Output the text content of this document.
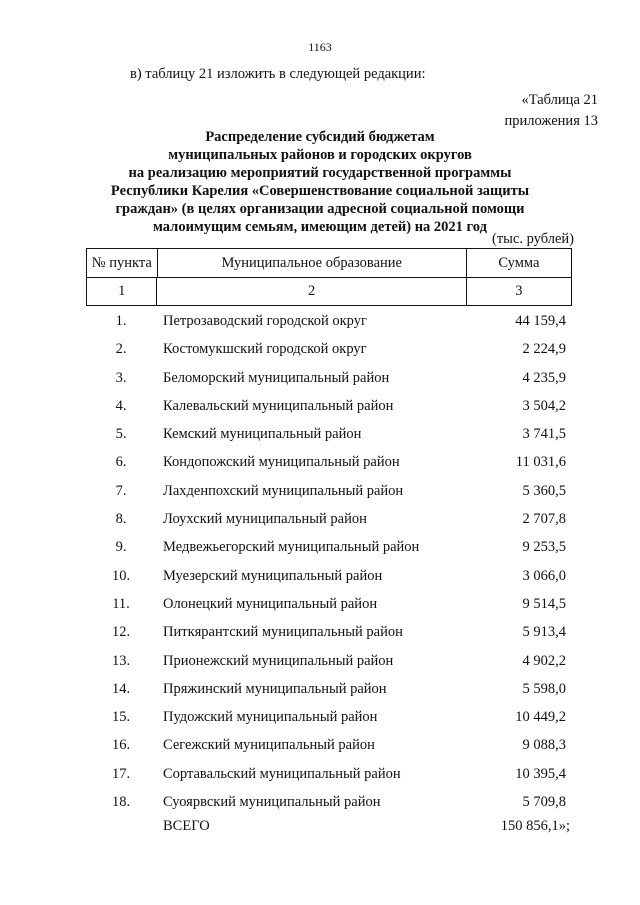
1163
в) таблицу 21 изложить в следующей редакции:
«Таблица 21
приложения 13
Распределение субсидий бюджетам
муниципальных районов и городских округов
на реализацию мероприятий государственной программы
Республики Карелия «Совершенствование социальной защиты
граждан» (в целях организации адресной социальной помощи
малоимущим семьям, имеющим детей) на 2021 год
(тыс. рублей)
№ пункта	Муниципальное образование	Сумма
1	2	3
1.	Петрозаводский городской округ	44 159,4
2.	Костомукшский городской округ	2 224,9
3.	Беломорский муниципальный район	4 235,9
4.	Калевальский муниципальный район	3 504,2
5.	Кемский муниципальный район	3 741,5
6.	Кондопожский муниципальный район	11 031,6
7.	Лахденпохский муниципальный район	5 360,5
8.	Лоухский муниципальный район	2 707,8
9.	Медвежьегорский муниципальный район	9 253,5
10.	Муезерский муниципальный район	3 066,0
11.	Олонецкий муниципальный район	9 514,5
12.	Питкярантский муниципальный район	5 913,4
13.	Прионежский муниципальный район	4 902,2
14.	Пряжинский муниципальный район	5 598,0
15.	Пудожский муниципальный район	10 449,2
16.	Сегежский муниципальный район	9 088,3
17.	Сортавальский муниципальный район	10 395,4
18.	Суоярвский муниципальный район	5 709,8
ВСЕГО	150 856,1»;
